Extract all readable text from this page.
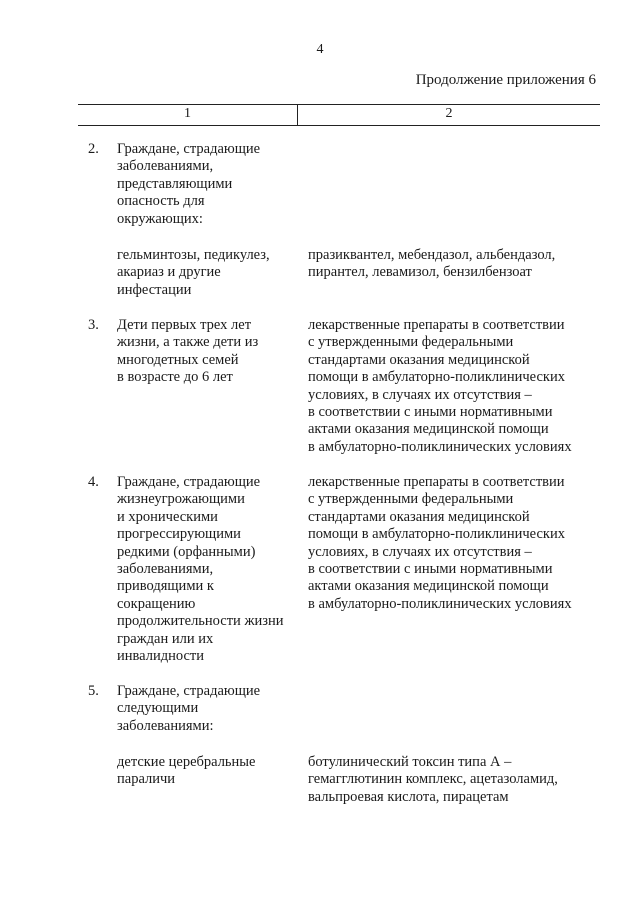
4
Продолжение приложения 6
1	2
2. Граждане, страдающие
заболеваниями,
представляющими
опасность для
окружающих:
гельминтозы, педикулез,
акариаз и другие
инфестации
празиквантел, мебендазол, альбендазол,
пирантел, левамизол, бензилбензоат
3. Дети первых трех лет
жизни, а также дети из
многодетных семей
в возрасте до 6 лет
лекарственные препараты в соответствии
с утвержденными федеральными
стандартами оказания медицинской
помощи в амбулаторно-поликлинических
условиях, в случаях их отсутствия –
в соответствии с иными нормативными
актами оказания медицинской помощи
в амбулаторно-поликлинических условиях
4. Граждане, страдающие
жизнеугрожающими
и хроническими
прогрессирующими
редкими (орфанными)
заболеваниями,
приводящими к
сокращению
продолжительности жизни
граждан или их
инвалидности
лекарственные препараты в соответствии
с утвержденными федеральными
стандартами оказания медицинской
помощи в амбулаторно-поликлинических
условиях, в случаях их отсутствия –
в соответствии с иными нормативными
актами оказания медицинской помощи
в амбулаторно-поликлинических условиях
5. Граждане, страдающие
следующими
заболеваниями:
детские церебральные
параличи
ботулинический токсин типа А –
гемагглютинин комплекс, ацетазоламид,
вальпроевая кислота, пирацетам
